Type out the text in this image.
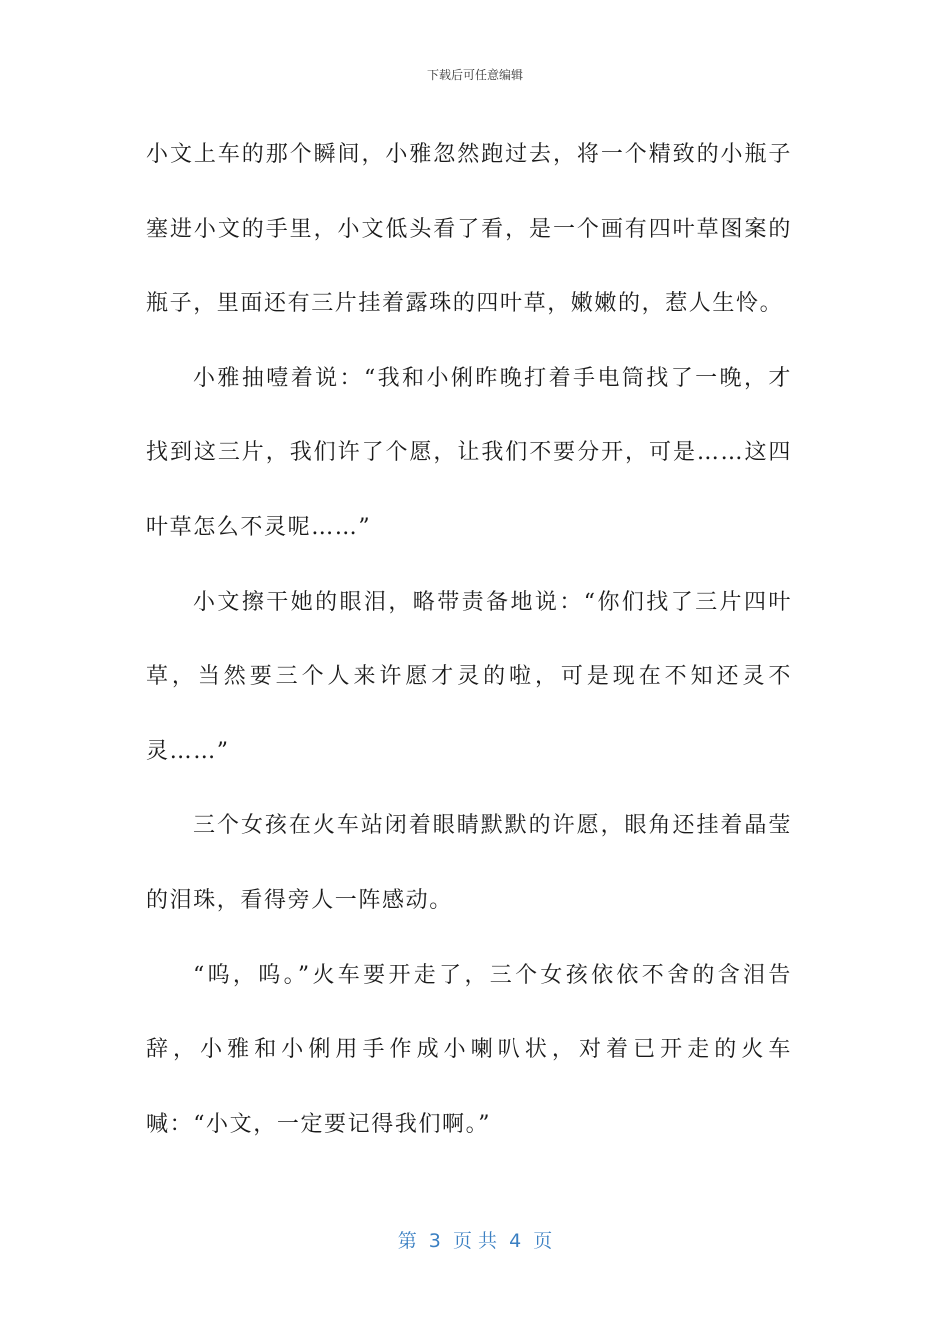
下载后可任意编辑

小文上车的那个瞬间，小雅忽然跑过去，将一个精致的小瓶子塞进小文的手里，小文低头看了看，是一个画有四叶草图案的瓶子，里面还有三片挂着露珠的四叶草，嫩嫩的，惹人生怜。

小雅抽噎着说：“我和小俐昨晚打着手电筒找了一晚，才找到这三片，我们许了个愿，让我们不要分开，可是……这四叶草怎么不灵呢……”

小文擦干她的眼泪，略带责备地说：“你们找了三片四叶草，当然要三个人来许愿才灵的啦，可是现在不知还灵不灵……”

三个女孩在火车站闭着眼睛默默的许愿，眼角还挂着晶莹的泪珠，看得旁人一阵感动。

“呜，呜。”火车要开走了，三个女孩依依不舍的含泪告辞，小雅和小俐用手作成小喇叭状，对着已开走的火车喊：“小文，一定要记得我们啊。”

第  3  页 共  4  页
